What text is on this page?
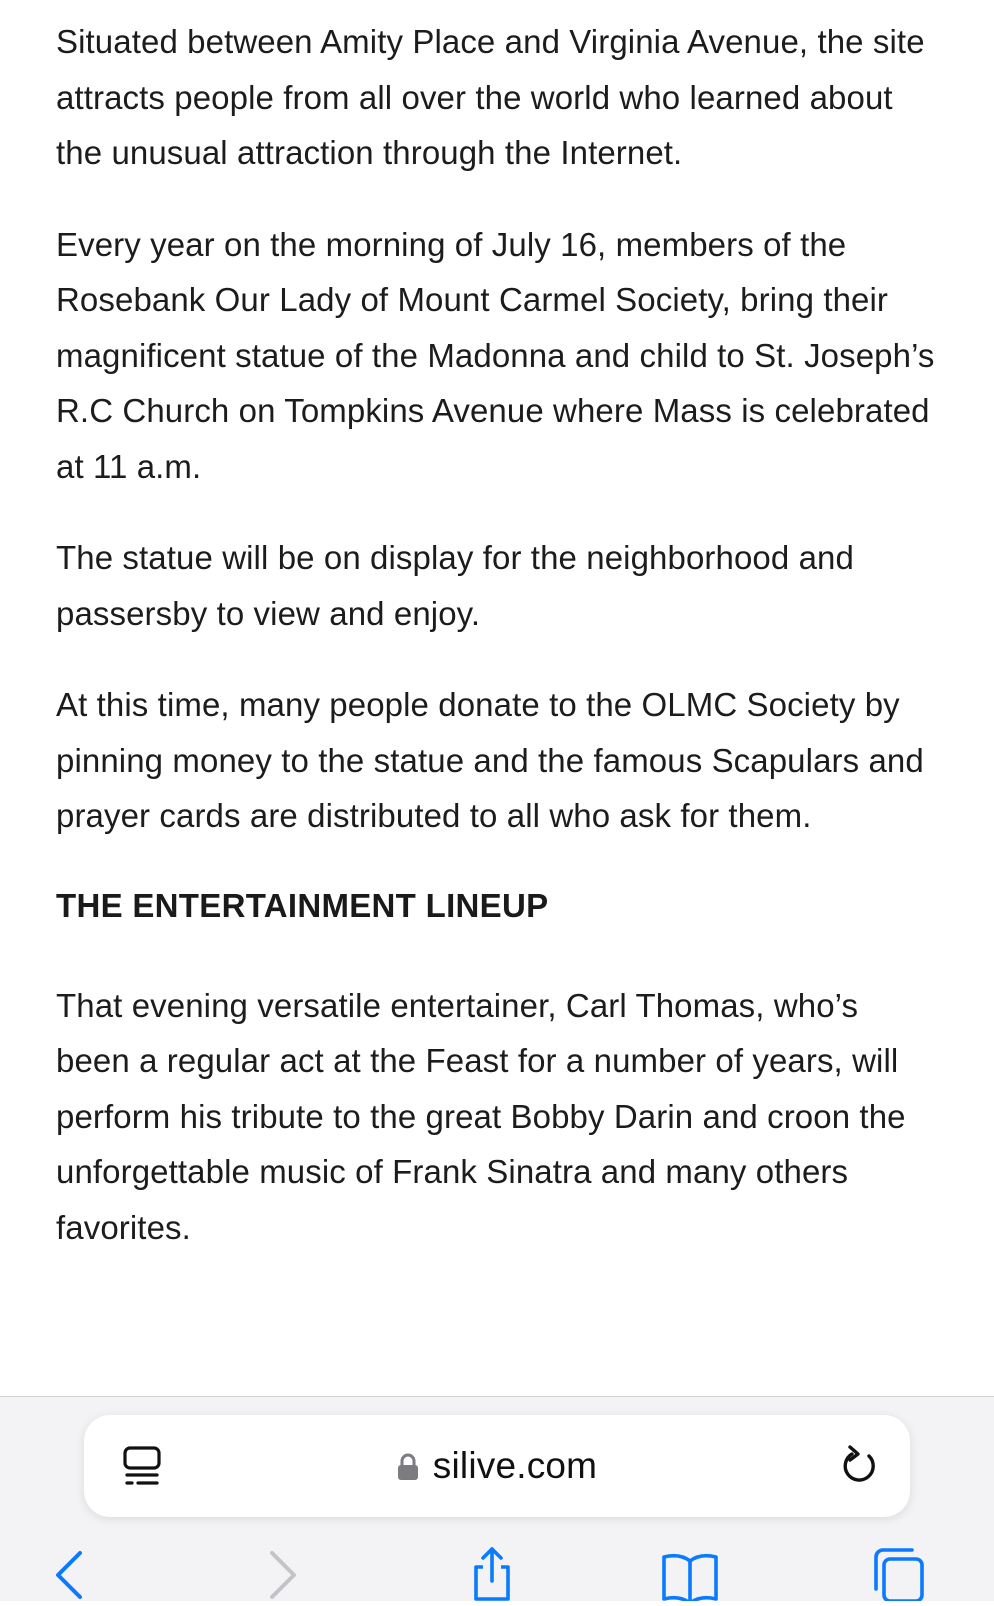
Situated between Amity Place and Virginia Avenue, the site attracts people from all over the world who learned about the unusual attraction through the Internet.

Every year on the morning of July 16, members of the Rosebank Our Lady of Mount Carmel Society, bring their magnificent statue of the Madonna and child to St. Joseph’s R.C Church on Tompkins Avenue where Mass is celebrated at 11 a.m.

The statue will be on display for the neighborhood and passersby to view and enjoy.

At this time, many people donate to the OLMC Society by pinning money to the statue and the famous Scapulars and prayer cards are distributed to all who ask for them.

THE ENTERTAINMENT LINEUP

That evening versatile entertainer, Carl Thomas, who’s been a regular act at the Feast for a number of years, will perform his tribute to the great Bobby Darin and croon the unforgettable music of Frank Sinatra and many others favorites.

silive.com
